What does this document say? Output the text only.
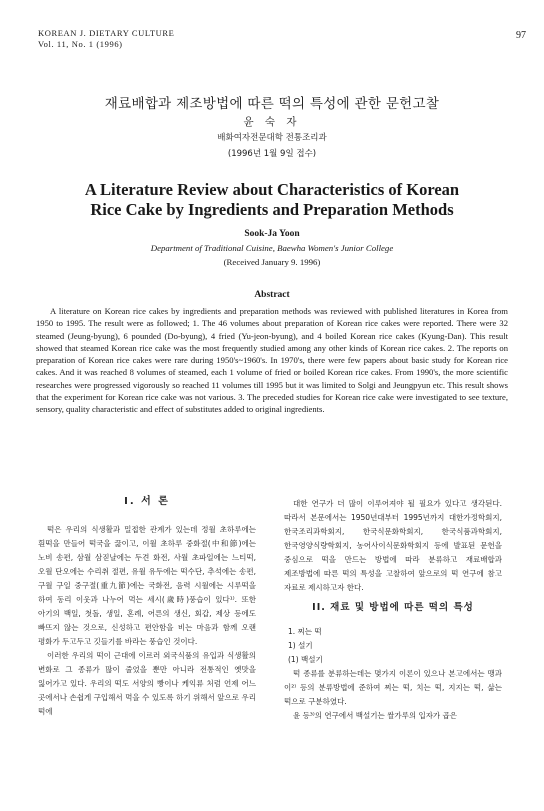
KOREAN J. DIETARY CULTURE
Vol. 11, No. 1 (1996)
97
재료배합과 제조방법에 따른 떡의 특성에 관한 문헌고찰
윤 숙 자
배화여자전문대학 전통조리과
(1996년 1월 9일 접수)
A Literature Review about Characteristics of Korean
Rice Cake by Ingredients and Preparation Methods
Sook-Ja Yoon
Department of Traditional Cuisine, Baewha Women's Junior College
(Received January 9. 1996)
Abstract
A literature on Korean rice cakes by ingredients and preparation methods was reviewed with published literatures in Korea from 1950 to 1995. The result were as followed; 1. The 46 volumes about preparation of Korean rice cakes were reported. There were 32 steamed (Jeung-byung), 6 pounded (Do-byung), 4 fried (Yu-jeon-byung), and 4 boiled Korean rice cakes (Kyung-Dan). This result showed that steamed Korean rice cake was the most frequently studied among any other kinds of Korean rice cakes. 2. The reports on preparation of Korean rice cakes were rare during 1950's~1960's. In 1970's, there were few papers about basic study for Korean rice cakes. And it was reached 8 volumes of steamed, each 1 volume of fried or boiled Korean rice cakes. From 1990's, the more scientific researches were progressed vigorously so reached 11 volumes till 1995 but it was limited to Solgi and Jeungpyun etc. This result shows that the experiment for Korean rice cake was not various. 3. The preceded studies for Korean rice cake were investigated to see texture, sensory, quality characteristic and effect of substitutes added to original ingredients.
I. 서 론

떡은 우리의 식생활과 밀접한 관계가 있는데 정월 초하루에는 흰떡을 만들어 떡국을 끓이고, 이월 초하루 중화절(中和節)에는 노비 송편, 삼월 삼짇날에는 두견 화전, 사월 초파일에는 느티떡, 오월 단오에는 수리취 절편, 유월 유두에는 떡수단, 추석에는 송편, 구월 구일 중구절(重九節)에는 국화전, 음력 시월에는 시루떡을 하여 동리 이웃과 나누어 먹는 세시(歲時)풍습이 있다¹⁾. 또한 아기의 백일, 첫돌, 생일, 혼례, 어른의 생신, 회갑, 제상 등에도 빠뜨지 않는 것으로, 신성하고 편안함을 비는 마음과 함께 오랜 평화가 두고두고 깃들기를 바라는 풍습인 것이다.

이러한 우리의 떡이 근대에 이르러 외국식품의 유입과 식생활의 변화로 그 종류가 많이 줄었을 뿐만 아니라 전통적인 옛맛을 잃어가고 있다. 우리의 떡도 서양의 빵이나 케익류 처럼 언제 어느 곳에서나 손쉽게 구입해서 먹을 수 있도록 하기 위해서 앞으로 우리 떡에

대한 연구가 더 많이 이루어져야 될 필요가 있다고 생각된다. 따라서 본문에서는 1950년대부터 1995년까지 대한가정학회지, 한국조리과학회지, 한국식문화학회지, 한국식품과학회지, 한국영양식량학회지, 농어사이식문화학회지 등에 발표된 문헌을 중심으로 떡을 만드는 방법에 따라 분류하고 재료배합과 제조방법에 따른 떡의 특성을 고찰하여 앞으로의 떡 연구에 참고 자료로 제시하고자 한다.

II. 재료 및 방법에 따른 떡의 특성

1. 찌는 떡

1) 설기

(1) 백설기

떡 종류를 분류하는데는 몇가지 이론이 있으나 본고에서는 맹과 이²⁾ 등의 분류방법에 준하여 찌는 떡, 치는 떡, 지지는 떡, 삶는 떡으로 구분하였다.

윤 등³⁾의 연구에서 백설기는 쌀가루의 입자가 곱은
